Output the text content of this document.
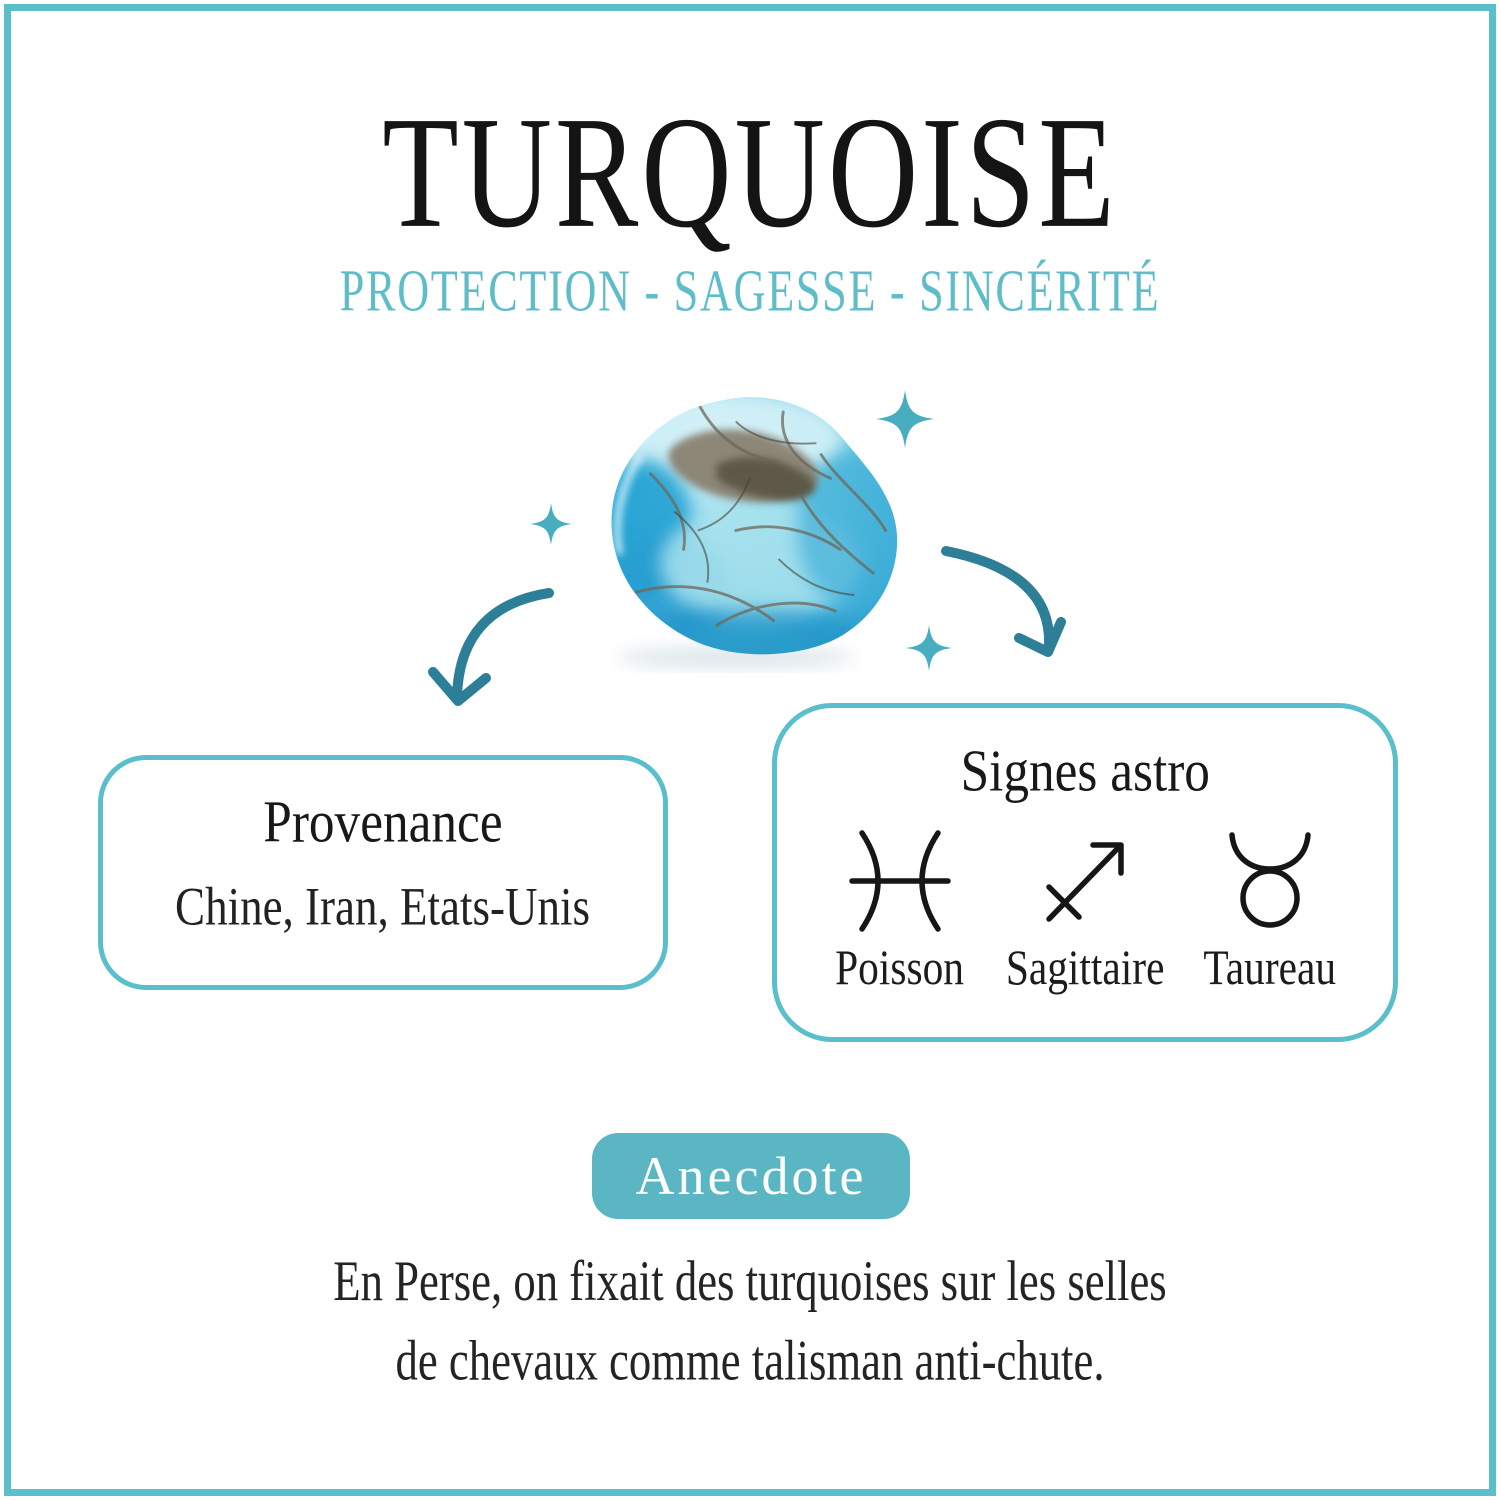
TURQUOISE
PROTECTION - SAGESSE - SINCÉRITÉ
Provenance

Chine, Iran, Etats-Unis

Signes astro
Poisson Sagittaire Taureau
Anecdote

En Perse, on fixait des turquoises sur les selles
de chevaux comme talisman anti-chute.
